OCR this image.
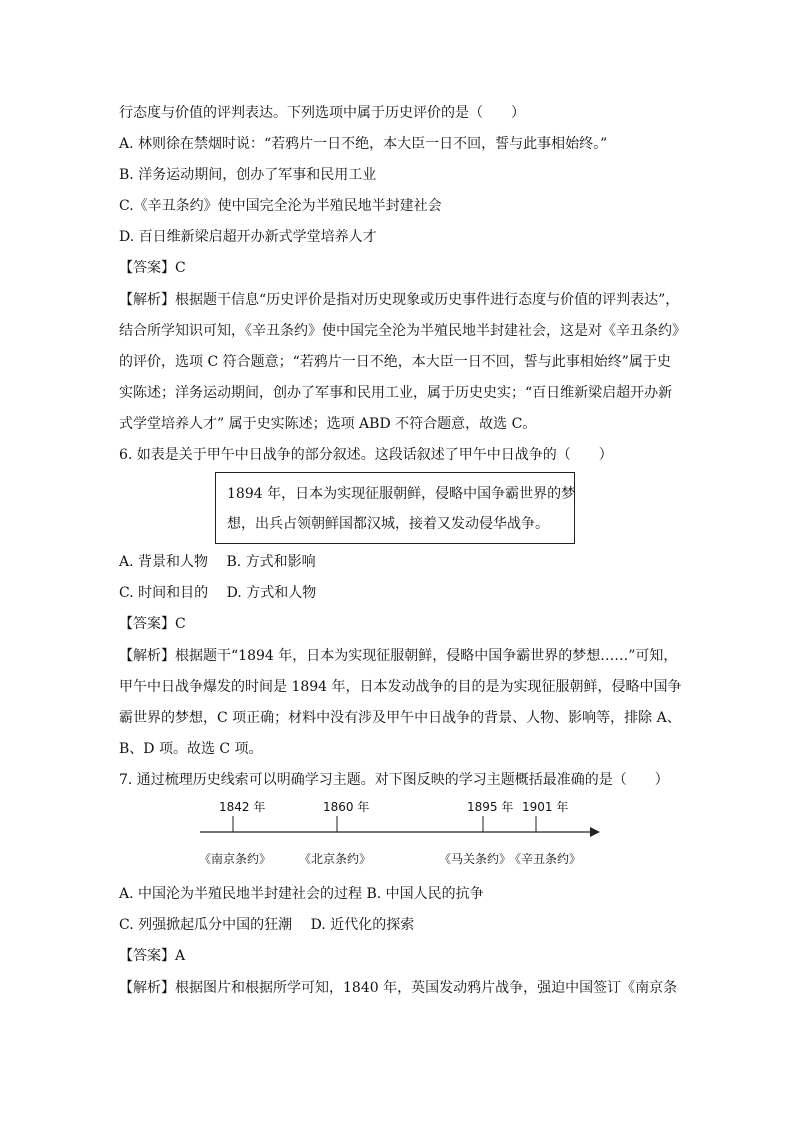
行态度与价值的评判表达。下列选项中属于历史评价的是（　　）
A. 林则徐在禁烟时说：“若鸦片一日不绝，本大臣一日不回，誓与此事相始终。”
B. 洋务运动期间，创办了军事和民用工业
C.《辛丑条约》使中国完全沦为半殖民地半封建社会
D. 百日维新梁启超开办新式学堂培养人才
【答案】C
【解析】根据题干信息“历史评价是指对历史现象或历史事件进行态度与价值的评判表达”，
结合所学知识可知，《辛丑条约》使中国完全沦为半殖民地半封建社会，这是对《辛丑条约》
的评价，选项 C 符合题意；“若鸦片一日不绝，本大臣一日不回，誓与此事相始终”属于史
实陈述；洋务运动期间，创办了军事和民用工业，属于历史史实；“百日维新梁启超开办新
式学堂培养人才” 属于史实陈述；选项 ABD 不符合题意，故选 C。
6. 如表是关于甲午中日战争的部分叙述。这段话叙述了甲午中日战争的（　　）
1894 年，日本为实现征服朝鲜，侵略中国争霸世界的梦
想，出兵占领朝鲜国都汉城，接着又发动侵华战争。
A. 背景和人物　 B. 方式和影响
C. 时间和目的　 D. 方式和人物
【答案】C
【解析】根据题干“1894 年，日本为实现征服朝鲜，侵略中国争霸世界的梦想……”可知，
甲午中日战争爆发的时间是 1894 年，日本发动战争的目的是为实现征服朝鲜，侵略中国争
霸世界的梦想，C 项正确；材料中没有涉及甲午中日战争的背景、人物、影响等，排除 A、
B、D 项。故选 C 项。
7. 通过梳理历史线索可以明确学习主题。对下图反映的学习主题概括最准确的是（　　）
1842 年	1860 年	1895 年 1901 年
《南京条约》 《北京条约》	《马关条约》
《辛丑条约》
A. 中国沦为半殖民地半封建社会的过程 B. 中国人民的抗争
C. 列强掀起瓜分中国的狂潮　 D. 近代化的探索
【答案】A
【解析】根据图片和根据所学可知，1840 年，英国发动鸦片战争，强迫中国签订《南京条
